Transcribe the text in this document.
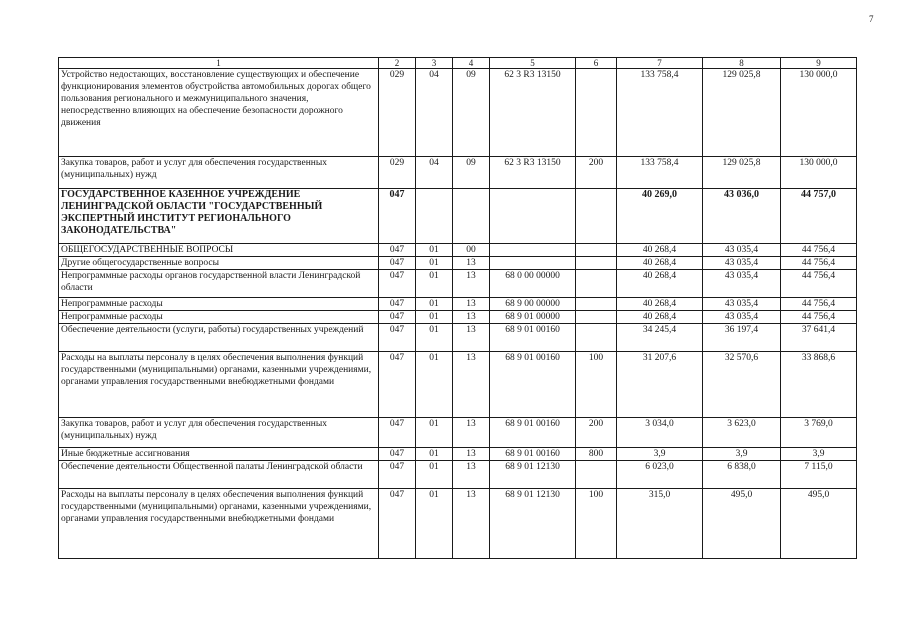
7
1	2	3	4	5	6	7	8	9
Устройство недостающих, восстановление существующих и обеспечение функционирования элементов обустройства автомобильных дорогах общего пользования регионального и межмуниципального значения, непосредственно влияющих на обеспечение безопасности дорожного движения	029	04	09	62 3 R3 13150		133 758,4	129 025,8	130 000,0
Закупка товаров, работ и услуг для обеспечения государственных (муниципальных) нужд	029	04	09	62 3 R3 13150	200	133 758,4	129 025,8	130 000,0
ГОСУДАРСТВЕННОЕ КАЗЕННОЕ УЧРЕЖДЕНИЕ ЛЕНИНГРАДСКОЙ ОБЛАСТИ "ГОСУДАРСТВЕННЫЙ ЭКСПЕРТНЫЙ ИНСТИТУТ РЕГИОНАЛЬНОГО ЗАКОНОДАТЕЛЬСТВА"	047					40 269,0	43 036,0	44 757,0
ОБЩЕГОСУДАРСТВЕННЫЕ ВОПРОСЫ	047	01	00			40 268,4	43 035,4	44 756,4
Другие общегосударственные вопросы	047	01	13			40 268,4	43 035,4	44 756,4
Непрограммные расходы органов государственной власти Ленинградской области	047	01	13	68 0 00 00000		40 268,4	43 035,4	44 756,4
Непрограммные расходы	047	01	13	68 9 00 00000		40 268,4	43 035,4	44 756,4
Непрограммные расходы	047	01	13	68 9 01 00000		40 268,4	43 035,4	44 756,4
Обеспечение деятельности (услуги, работы) государственных учреждений	047	01	13	68 9 01 00160		34 245,4	36 197,4	37 641,4
Расходы на выплаты персоналу в целях обеспечения выполнения функций государственными (муниципальными) органами, казенными учреждениями, органами управления государственными внебюджетными фондами	047	01	13	68 9 01 00160	100	31 207,6	32 570,6	33 868,6
Закупка товаров, работ и услуг для обеспечения государственных (муниципальных) нужд	047	01	13	68 9 01 00160	200	3 034,0	3 623,0	3 769,0
Иные бюджетные ассигнования	047	01	13	68 9 01 00160	800	3,9	3,9	3,9
Обеспечение деятельности Общественной палаты Ленинградской области	047	01	13	68 9 01 12130		6 023,0	6 838,0	7 115,0
Расходы на выплаты персоналу в целях обеспечения выполнения функций государственными (муниципальными) органами, казенными учреждениями, органами управления государственными внебюджетными фондами	047	01	13	68 9 01 12130	100	315,0	495,0	495,0
